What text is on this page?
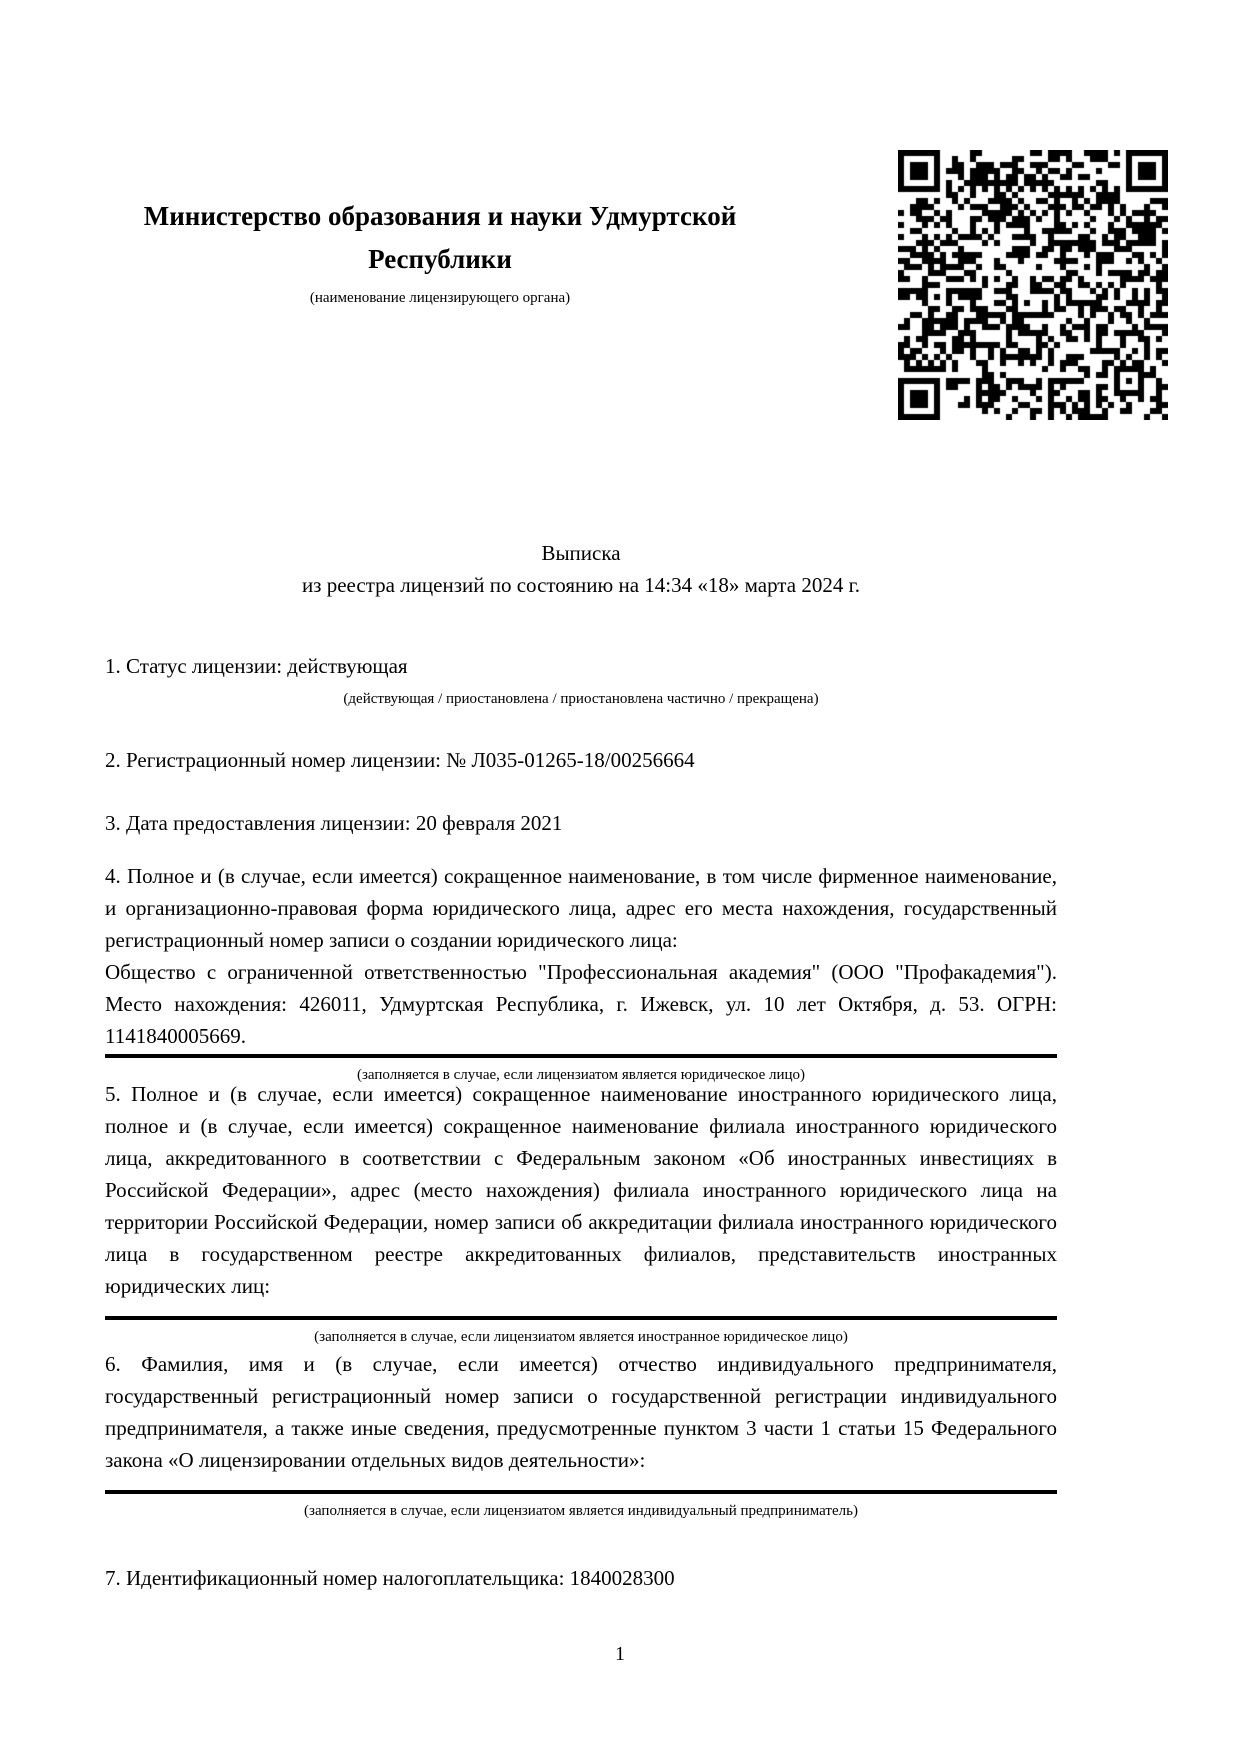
Министерство образования и науки Удмуртской Республики
(наименование лицензирующего органа)
Выписка
из реестра лицензий по состоянию на 14:34 «18» марта 2024 г.
1. Статус лицензии: действующая
(действующая / приостановлена / приостановлена частично / прекращена)
2. Регистрационный номер лицензии: № Л035-01265-18/00256664
3. Дата предоставления лицензии: 20 февраля 2021
4. Полное и (в случае, если имеется) сокращенное наименование, в том числе фирменное наименование, и организационно-правовая форма юридического лица, адрес его места нахождения, государственный регистрационный номер записи о создании юридического лица:
Общество с ограниченной ответственностью "Профессиональная академия" (ООО "Профакадемия"). Место нахождения: 426011, Удмуртская Республика, г. Ижевск, ул. 10 лет Октября, д. 53. ОГРН: 1141840005669.
(заполняется в случае, если лицензиатом является юридическое лицо)
5. Полное и (в случае, если имеется) сокращенное наименование иностранного юридического лица, полное и (в случае, если имеется) сокращенное наименование филиала иностранного юридического лица, аккредитованного в соответствии с Федеральным законом «Об иностранных инвестициях в Российской Федерации», адрес (место нахождения) филиала иностранного юридического лица на территории Российской Федерации, номер записи об аккредитации филиала иностранного юридического лица в государственном реестре аккредитованных филиалов, представительств иностранных юридических лиц:
(заполняется в случае, если лицензиатом является иностранное юридическое лицо)
6. Фамилия, имя и (в случае, если имеется) отчество индивидуального предпринимателя, государственный регистрационный номер записи о государственной регистрации индивидуального предпринимателя, а также иные сведения, предусмотренные пунктом 3 части 1 статьи 15 Федерального закона «О лицензировании отдельных видов деятельности»:
(заполняется в случае, если лицензиатом является индивидуальный предприниматель)
7. Идентификационный номер налогоплательщика: 1840028300
1
